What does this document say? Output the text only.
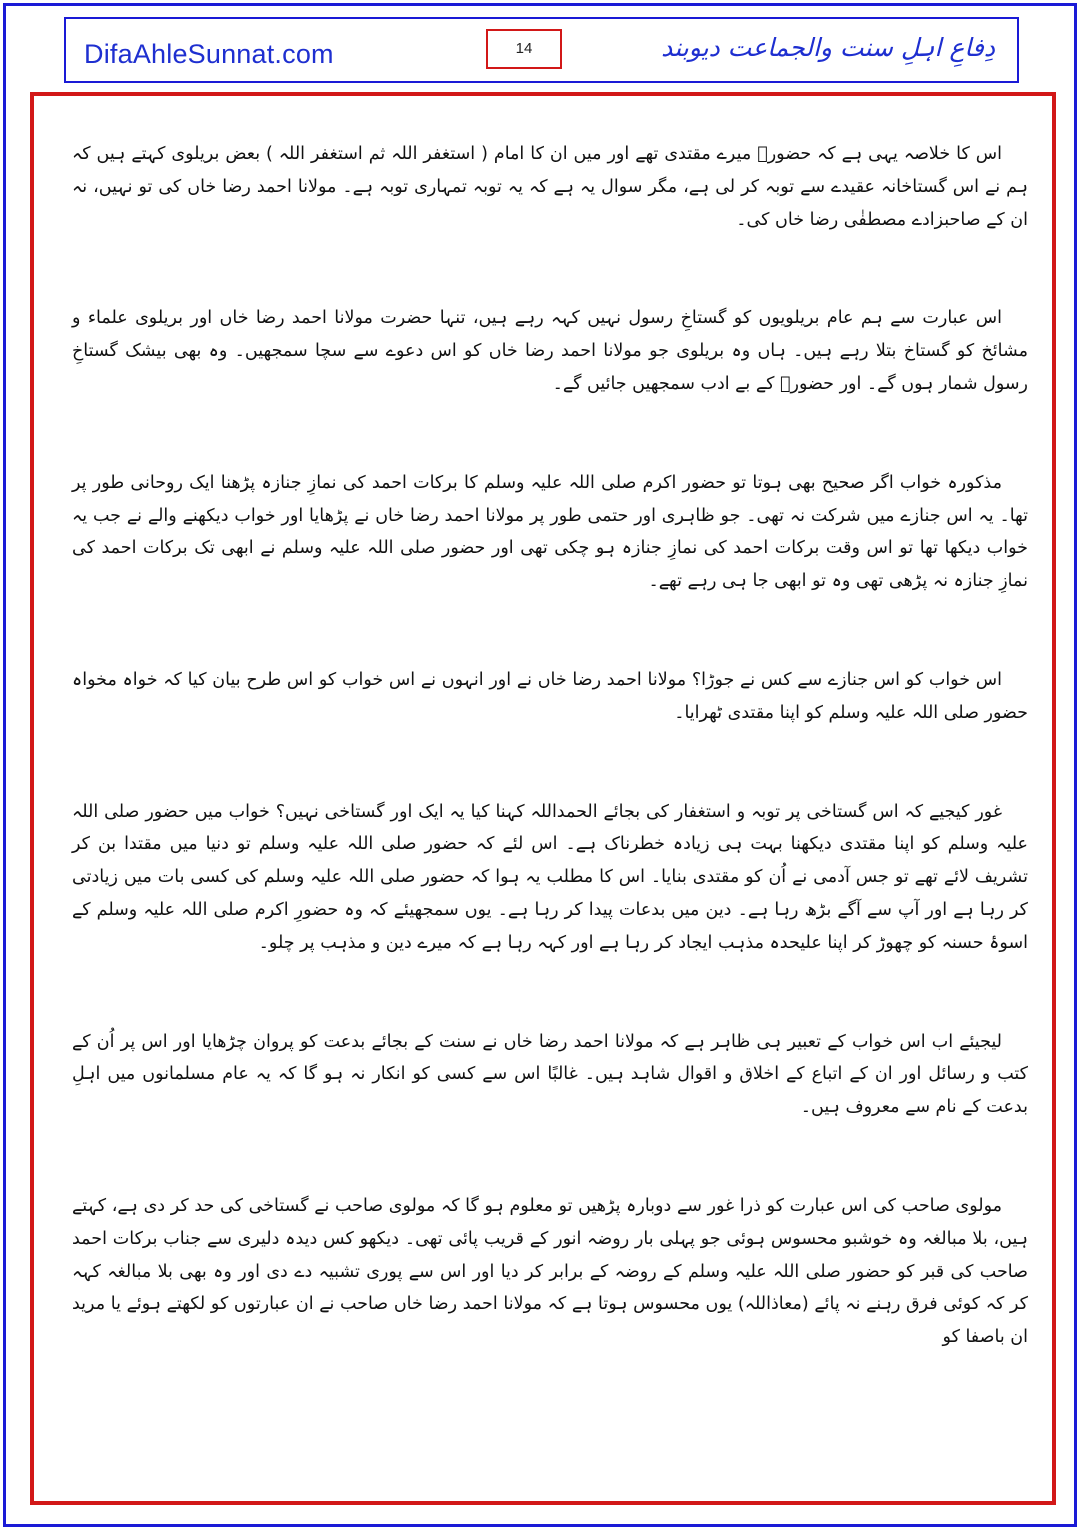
DifaAhleSunnat.com	14	دِفاعِ اہلِ سنت والجماعت دیوبند

اس کا خلاصہ یہی ہے کہ حضورؐ میرے مقتدی تھے اور میں ان کا امام ( استغفر اللہ ثم استغفر اللہ ) بعض بریلوی کہتے ہیں کہ ہم نے اس گستاخانہ عقیدے سے توبہ کر لی ہے، مگر سوال یہ ہے کہ یہ توبہ تمہاری توبہ ہے۔ مولانا احمد رضا خاں کی تو نہیں، نہ ان کے صاحبزادے مصطفٰی رضا خاں کی۔

اس عبارت سے ہم عام بریلویوں کو گستاخِ رسول نہیں کہہ رہے ہیں، تنہا حضرت مولانا احمد رضا خاں اور بریلوی علماء و مشائخ کو گستاخ بتلا رہے ہیں۔ ہاں وہ بریلوی جو مولانا احمد رضا خاں کو اس دعوے سے سچا سمجھیں۔ وہ بھی بیشک گستاخِ رسول شمار ہوں گے۔ اور حضورؐ کے بے ادب سمجھیں جائیں گے۔

مذکورہ خواب اگر صحیح بھی ہوتا تو حضور اکرم صلی اللہ علیہ وسلم کا برکات احمد کی نمازِ جنازہ پڑھنا ایک روحانی طور پر تھا۔ یہ اس جنازے میں شرکت نہ تھی۔ جو ظاہری اور حتمی طور پر مولانا احمد رضا خاں نے پڑھایا اور خواب دیکھنے والے نے جب یہ خواب دیکھا تھا تو اس وقت برکات احمد کی نمازِ جنازہ ہو چکی تھی اور حضور صلی اللہ علیہ وسلم نے ابھی تک برکات احمد کی نمازِ جنازہ نہ پڑھی تھی وہ تو ابھی جا ہی رہے تھے۔

اس خواب کو اس جنازے سے کس نے جوڑا؟ مولانا احمد رضا خاں نے اور انہوں نے اس خواب کو اس طرح بیان کیا کہ خواہ مخواہ حضور صلی اللہ علیہ وسلم کو اپنا مقتدی ٹھرایا۔

غور کیجیے کہ اس گستاخی پر توبہ و استغفار کی بجائے الحمداللہ کہنا کیا یہ ایک اور گستاخی نہیں؟ خواب میں حضور صلی اللہ علیہ وسلم کو اپنا مقتدی دیکھنا بہت ہی زیادہ خطرناک ہے۔ اس لئے کہ حضور صلی اللہ علیہ وسلم تو دنیا میں مقتدا بن کر تشریف لائے تھے تو جس آدمی نے اُن کو مقتدی بنایا۔ اس کا مطلب یہ ہوا کہ حضور صلی اللہ علیہ وسلم کی کسی بات میں زیادتی کر رہا ہے اور آپ سے آگے بڑھ رہا ہے۔ دین میں بدعات پیدا کر رہا ہے۔ یوں سمجھیئے کہ وہ حضورِ اکرم صلی اللہ علیہ وسلم کے اسوۂ حسنہ کو چھوڑ کر اپنا علیحدہ مذہب ایجاد کر رہا ہے اور کہہ رہا ہے کہ میرے دین و مذہب پر چلو۔

لیجیئے اب اس خواب کے تعبیر ہی ظاہر ہے کہ مولانا احمد رضا خاں نے سنت کے بجائے بدعت کو پروان چڑھایا اور اس پر اُن کے کتب و رسائل اور ان کے اتباع کے اخلاق و اقوال شاہد ہیں۔ غالبًا اس سے کسی کو انکار نہ ہو گا کہ یہ عام مسلمانوں میں اہلِ بدعت کے نام سے معروف ہیں۔

مولوی صاحب کی اس عبارت کو ذرا غور سے دوبارہ پڑھیں تو معلوم ہو گا کہ مولوی صاحب نے گستاخی کی حد کر دی ہے، کہتے ہیں، بلا مبالغہ وہ خوشبو محسوس ہوئی جو پہلی بار روضہ انور کے قریب پائی تھی۔ دیکھو کس دیدہ دلیری سے جناب برکات احمد صاحب کی قبر کو حضور صلی اللہ علیہ وسلم کے روضہ کے برابر کر دیا اور اس سے پوری تشبیہ دے دی اور وہ بھی بلا مبالغہ کہہ کر کہ کوئی فرق رہنے نہ پائے (معاذاللہ) یوں محسوس ہوتا ہے کہ مولانا احمد رضا خاں صاحب نے ان عبارتوں کو لکھتے ہوئے یا مرید ان باصفا کو
